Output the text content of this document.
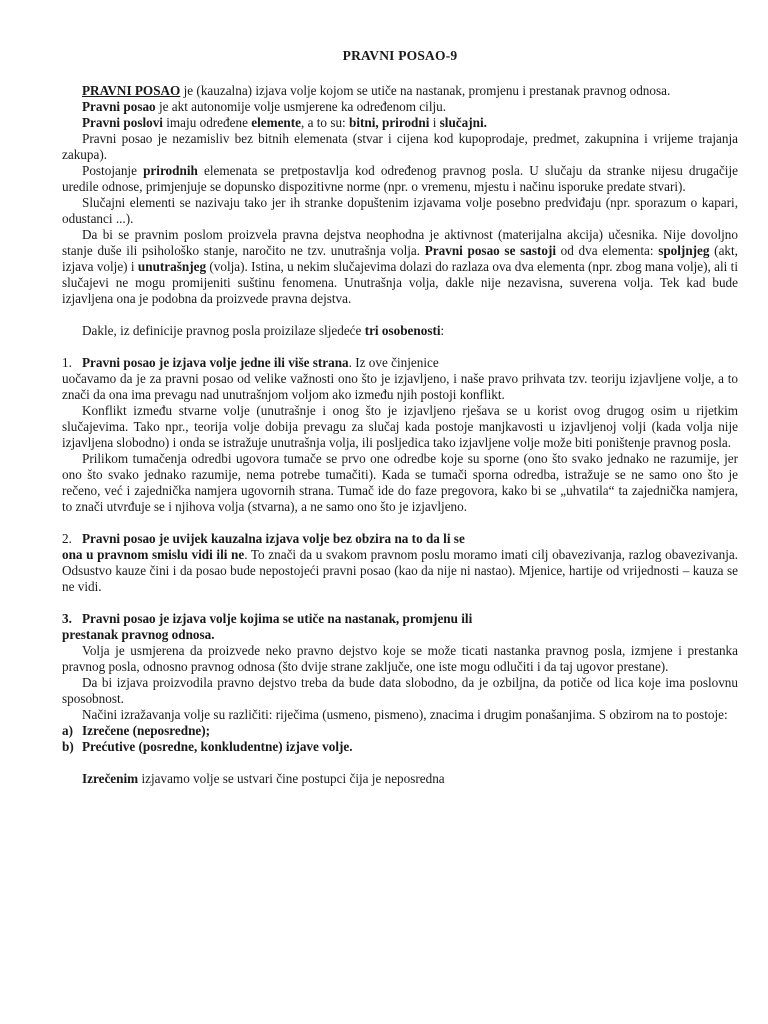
PRAVNI POSAO-9

PRAVNI POSAO je (kauzalna) izjava volje kojom se utiče na nastanak, promjenu i prestanak pravnog odnosa.

Pravni posao je akt autonomije volje usmjerene ka određenom cilju.

Pravni poslovi imaju određene elemente, a to su: bitni, prirodni i slučajni.

Pravni posao je nezamisliv bez bitnih elemenata (stvar i cijena kod kupoprodaje, predmet, zakupnina i vrijeme trajanja zakupa).

Postojanje prirodnih elemenata se pretpostavlja kod određenog pravnog posla. U slučaju da stranke nijesu drugačije uredile odnose, primjenjuje se dopunsko dispozitivne norme (npr. o vremenu, mjestu i načinu isporuke predate stvari).

Slučajni elementi se nazivaju tako jer ih stranke dopuštenim izjavama volje posebno predviđaju (npr. sporazum o kapari, odustanci ...).

Da bi se pravnim poslom proizvela pravna dejstva neophodna je aktivnost (materijalna akcija) učesnika. Nije dovoljno stanje duše ili psihološko stanje, naročito ne tzv. unutrašnja volja. Pravni posao se sastoji od dva elementa: spoljnjeg (akt, izjava volje) i unutrašnjeg (volja). Istina, u nekim slučajevima dolazi do razlaza ova dva elementa (npr. zbog mana volje), ali ti slučajevi ne mogu promijeniti suštinu fenomena. Unutrašnja volja, dakle nije nezavisna, suverena volja. Tek kad bude izjavljena ona je podobna da proizvede pravna dejstva.

Dakle, iz definicije pravnog posla proizilaze sljedeće tri osobenosti:

1. Pravni posao je izjava volje jedne ili više strana. Iz ove činjenice

uočavamo da je za pravni posao od velike važnosti ono što je izjavljeno, i naše pravo prihvata tzv. teoriju izjavljene volje, a to znači da ona ima prevagu nad unutrašnjom voljom ako između njih postoji konflikt.

Konflikt između stvarne volje (unutrašnje i onog što je izjavljeno rješava se u korist ovog drugog osim u rijetkim slučajevima. Tako npr., teorija volje dobija prevagu za slučaj kada postoje manjkavosti u izjavljenoj volji (kada volja nije izjavljena slobodno) i onda se istražuje unutrašnja volja, ili posljedica tako izjavljene volje može biti poništenje pravnog posla.

Prilikom tumačenja odredbi ugovora tumače se prvo one odredbe koje su sporne (ono što svako jednako ne razumije, jer ono što svako jednako razumije, nema potrebe tumačiti). Kada se tumači sporna odredba, istražuje se ne samo ono što je rečeno, već i zajednička namjera ugovornih strana. Tumač ide do faze pregovora, kako bi se „uhvatila“ ta zajednička namjera, to znači utvrđuje se i njihova volja (stvarna), a ne samo ono što je izjavljeno.

2. Pravni posao je uvijek kauzalna izjava volje bez obzira na to da li se

ona u pravnom smislu vidi ili ne. To znači da u svakom pravnom poslu moramo imati cilj obavezivanja, razlog obavezivanja. Odsustvo kauze čini i da posao bude nepostojeći pravni posao (kao da nije ni nastao). Mjenice, hartije od vrijednosti – kauza se ne vidi.

3. Pravni posao je izjava volje kojima se utiče na nastanak, promjenu ili

prestanak pravnog odnosa.

Volja je usmjerena da proizvede neko pravno dejstvo koje se može ticati nastanka pravnog posla, izmjene i prestanka pravnog posla, odnosno pravnog odnosa (što dvije strane zaključe, one iste mogu odlučiti i da taj ugovor prestane).

Da bi izjava proizvodila pravno dejstvo treba da bude data slobodno, da je ozbiljna, da potiče od lica koje ima poslovnu sposobnost.

Načini izražavanja volje su različiti: riječima (usmeno, pismeno), znacima i drugim ponašanjima. S obzirom na to postoje:

a) Izrečene (neposredne);
b) Prećutive (posredne, konkludentne) izjave volje.

Izrečenim izjavamo volje se ustvari čine postupci čija je neposredna
